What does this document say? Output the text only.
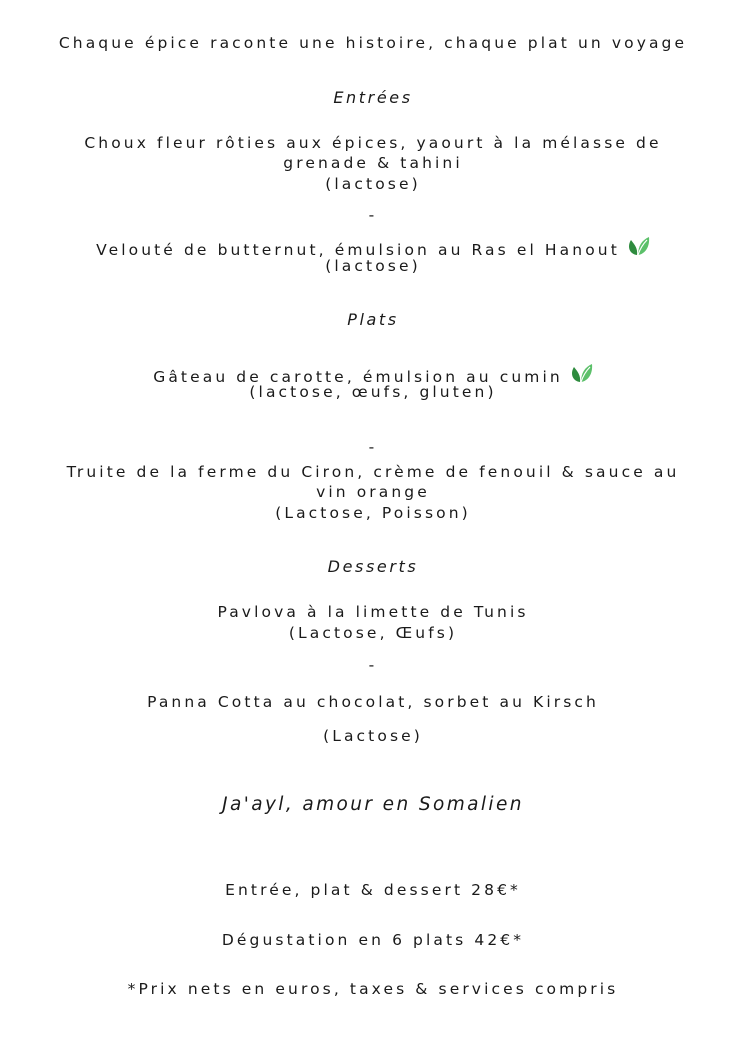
Chaque épice raconte une histoire, chaque plat un voyage
Entrées
Choux fleur rôties aux épices, yaourt à la mélasse de
grenade & tahini
(lactose)
-
Velouté de butternut, émulsion au Ras el Hanout
(lactose)
Plats
Gâteau de carotte, émulsion au cumin
(lactose, œufs, gluten)
-
Truite de la ferme du Ciron, crème de fenouil & sauce au
vin orange
(Lactose, Poisson)
Desserts
Pavlova à la limette de Tunis
(Lactose, Œufs)
-
Panna Cotta au chocolat, sorbet au Kirsch
(Lactose)
Ja'ayl, amour en Somalien
Entrée, plat & dessert 28€*
Dégustation en 6 plats 42€*
*Prix nets en euros, taxes & services compris
